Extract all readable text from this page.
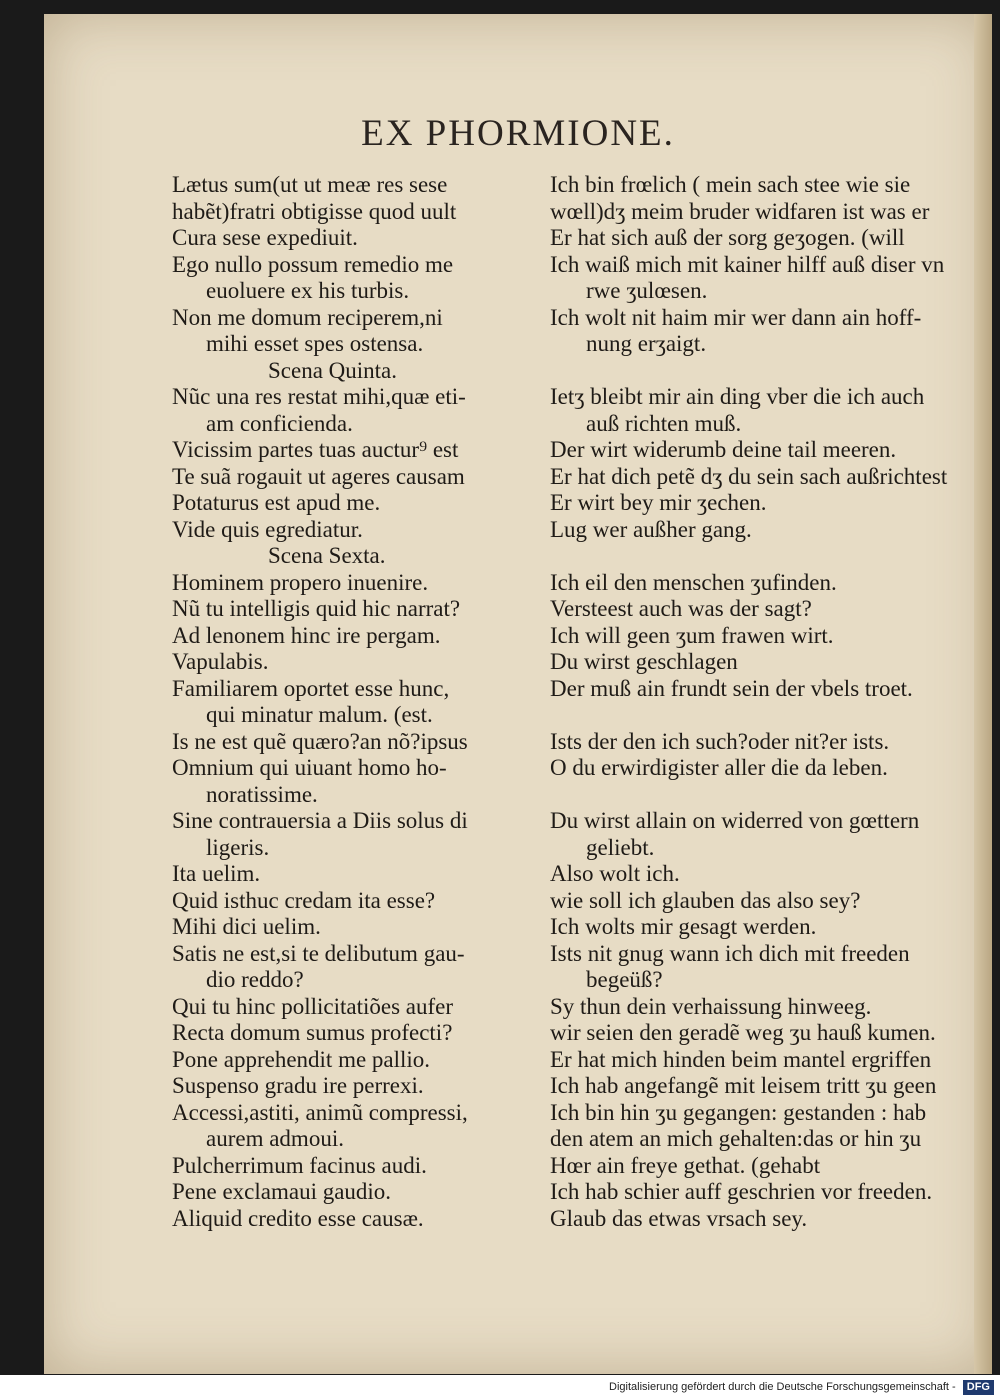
EX PHORMIONE.
Lætus sum(ut ut meæ res sese
habẽt)fratri obtigisse quod uult
Cura sese expediuit.
Ego nullo possum remedio me
euoluere ex his turbis.
Non me domum reciperem,ni
mihi esset spes ostensa.
Scena Quinta.
Nũc una res restat mihi,quæ eti-
am conficienda.
Vicissim partes tuas auctur⁹ est
Te suã rogauit ut ageres causam
Potaturus est apud me.
Vide quis egrediatur.
Scena Sexta.
Hominem propero inuenire.
Nũ tu intelligis quid hic narrat?
Ad lenonem hinc ire pergam.
Vapulabis.
Familiarem oportet esse hunc,
qui minatur malum. (est.
Is ne est quẽ quæro?an nõ?ipsus
Omnium qui uiuant homo ho-
noratissime.
Sine contrauersia a Diis solus di
ligeris.
Ita uelim.
Quid isthuc credam ita esse?
Mihi dici uelim.
Satis ne est,si te delibutum gau-
dio reddo?
Qui tu hinc pollicitatiões aufer
Recta domum sumus profecti?
Pone apprehendit me pallio.
Suspenso gradu ire perrexi.
Accessi,astiti, animũ compressi,
aurem admoui.
Pulcherrimum facinus audi.
Pene exclamaui gaudio.
Aliquid credito esse causæ.
Ich bin frœlich ( mein sach stee wie sie
wœll)dʒ meim bruder widfaren ist was er
Er hat sich auß der sorg geʒogen. (will
Ich waiß mich mit kainer hilff auß diser vn
rwe ʒulœsen.
Ich wolt nit haim mir wer dann ain hoff-
nung erʒaigt.
Ietʒ bleibt mir ain ding vber die ich auch
auß richten muß.
Der wirt widerumb deine tail meeren.
Er hat dich petẽ dʒ du sein sach außrichtest
Er wirt bey mir ʒechen.
Lug wer außher gang.
Ich eil den menschen ʒufinden.
Versteest auch was der sagt?
Ich will geen ʒum frawen wirt.
Du wirst geschlagen
Der muß ain frundt sein der vbels troet.
Ists der den ich such?oder nit?er ists.
O du erwirdigister aller die da leben.
Du wirst allain on widerred von gœttern
geliebt.
Also wolt ich.
wie soll ich glauben das also sey?
Ich wolts mir gesagt werden.
Ists nit gnug wann ich dich mit freeden
begeüß?
Sy thun dein verhaissung hinweeg.
wir seien den geradẽ weg ʒu hauß kumen.
Er hat mich hinden beim mantel ergriffen
Ich hab angefangẽ mit leisem tritt ʒu geen
Ich bin hin ʒu gegangen: gestanden : hab
den atem an mich gehalten:das or hin ʒu
Hœr ain freye gethat. (gehabt
Ich hab schier auff geschrien vor freeden.
Glaub das etwas vrsach sey.
Digitalisierung gefördert durch die Deutsche Forschungsgemeinschaft - DFG
